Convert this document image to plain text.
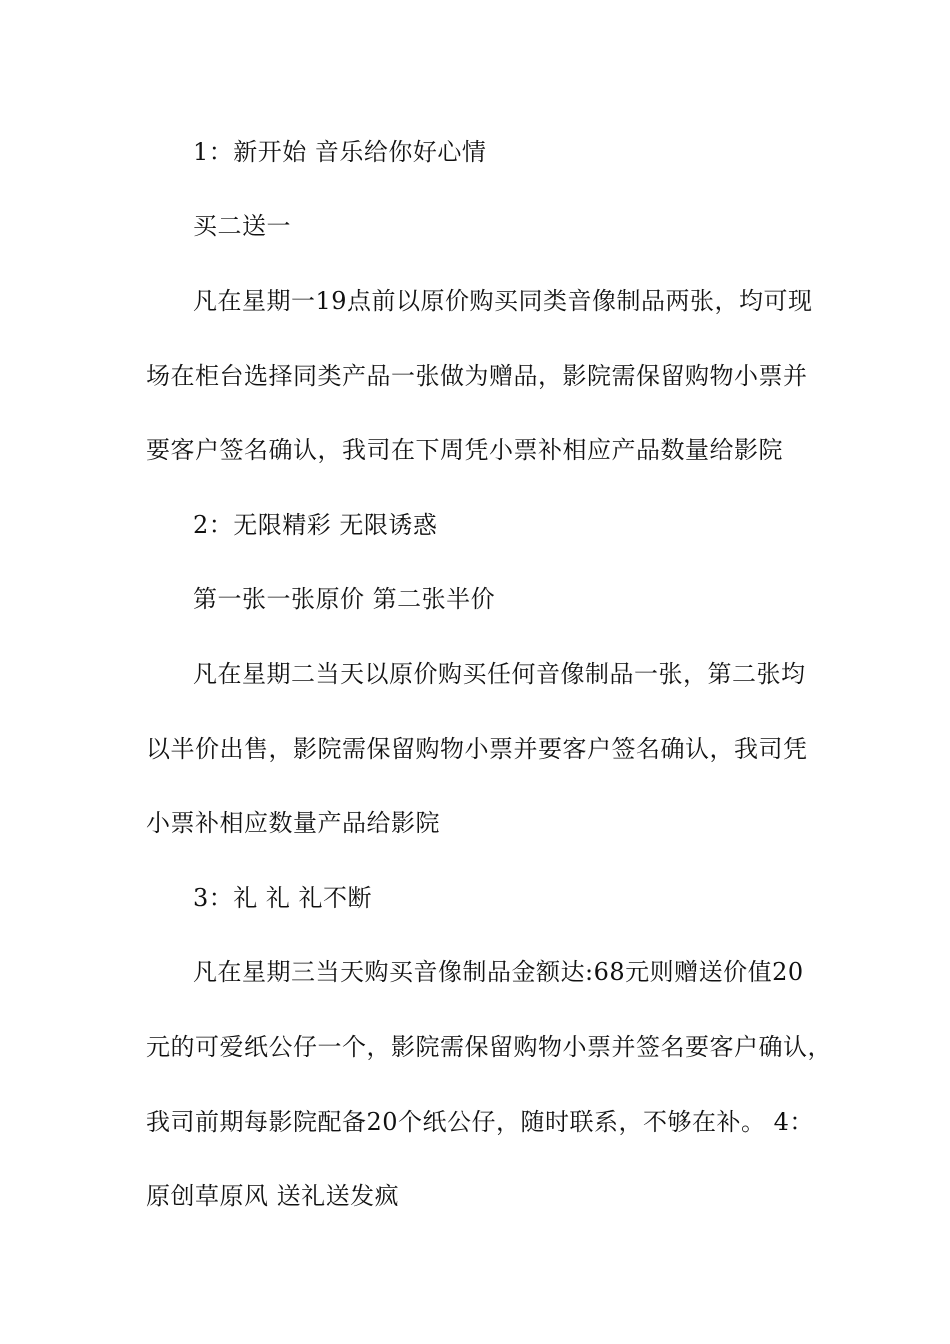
1：新开始 音乐给你好心情
买二送一
凡在星期一19点前以原价购买同类音像制品两张，均可现
场在柜台选择同类产品一张做为赠品，影院需保留购物小票并
要客户签名确认，我司在下周凭小票补相应产品数量给影院
2：无限精彩 无限诱惑
第一张一张原价 第二张半价
凡在星期二当天以原价购买任何音像制品一张，第二张均
以半价出售，影院需保留购物小票并要客户签名确认，我司凭
小票补相应数量产品给影院
3：礼 礼 礼不断
凡在星期三当天购买音像制品金额达:68元则赠送价值20
元的可爱纸公仔一个，影院需保留购物小票并签名要客户确认，
我司前期每影院配备20个纸公仔，随时联系，不够在补。 4：
原创草原风 送礼送发疯
